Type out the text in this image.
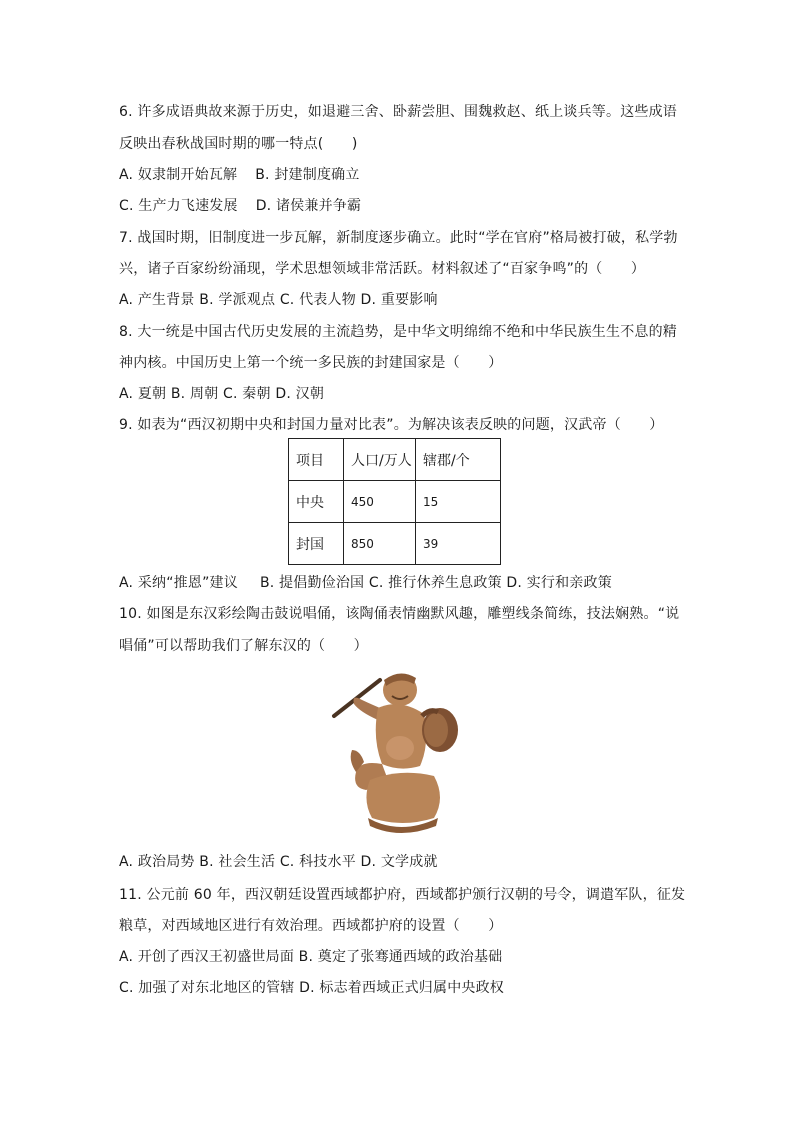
6. 许多成语典故来源于历史，如退避三舍、卧薪尝胆、围魏救赵、纸上谈兵等。这些成语
反映出春秋战国时期的哪一特点(　　)
A. 奴隶制开始瓦解 B. 封建制度确立
C. 生产力飞速发展 D. 诸侯兼并争霸
7. 战国时期，旧制度进一步瓦解，新制度逐步确立。此时“学在官府”格局被打破，私学勃
兴，诸子百家纷纷涌现，学术思想领域非常活跃。材料叙述了“百家争鸣”的（　　）
A. 产生背景 B. 学派观点 C. 代表人物 D. 重要影响
8. 大一统是中国古代历史发展的主流趋势，是中华文明绵绵不绝和中华民族生生不息的精
神内核。中国历史上第一个统一多民族的封建国家是（　　）
A. 夏朝 B. 周朝 C. 秦朝 D. 汉朝
9. 如表为“西汉初期中央和封国力量对比表”。为解决该表反映的问题，汉武帝（　　）
项目	人口/万人	辖郡/个
中央	450	15
封国	850	39
A. 采纳“推恩”建议 B. 提倡勤俭治国 C. 推行休养生息政策 D. 实行和亲政策
10. 如图是东汉彩绘陶击鼓说唱俑，该陶俑表情幽默风趣，雕塑线条简练，技法娴熟。“说
唱俑”可以帮助我们了解东汉的（　　）
A. 政治局势 B. 社会生活 C. 科技水平 D. 文学成就
11. 公元前 60 年，西汉朝廷设置西域都护府，西域都护颁行汉朝的号令，调遣军队，征发
粮草，对西域地区进行有效治理。西域都护府的设置（　　）
A. 开创了西汉王初盛世局面 B. 奠定了张骞通西域的政治基础
C. 加强了对东北地区的管辖 D. 标志着西域正式归属中央政权
